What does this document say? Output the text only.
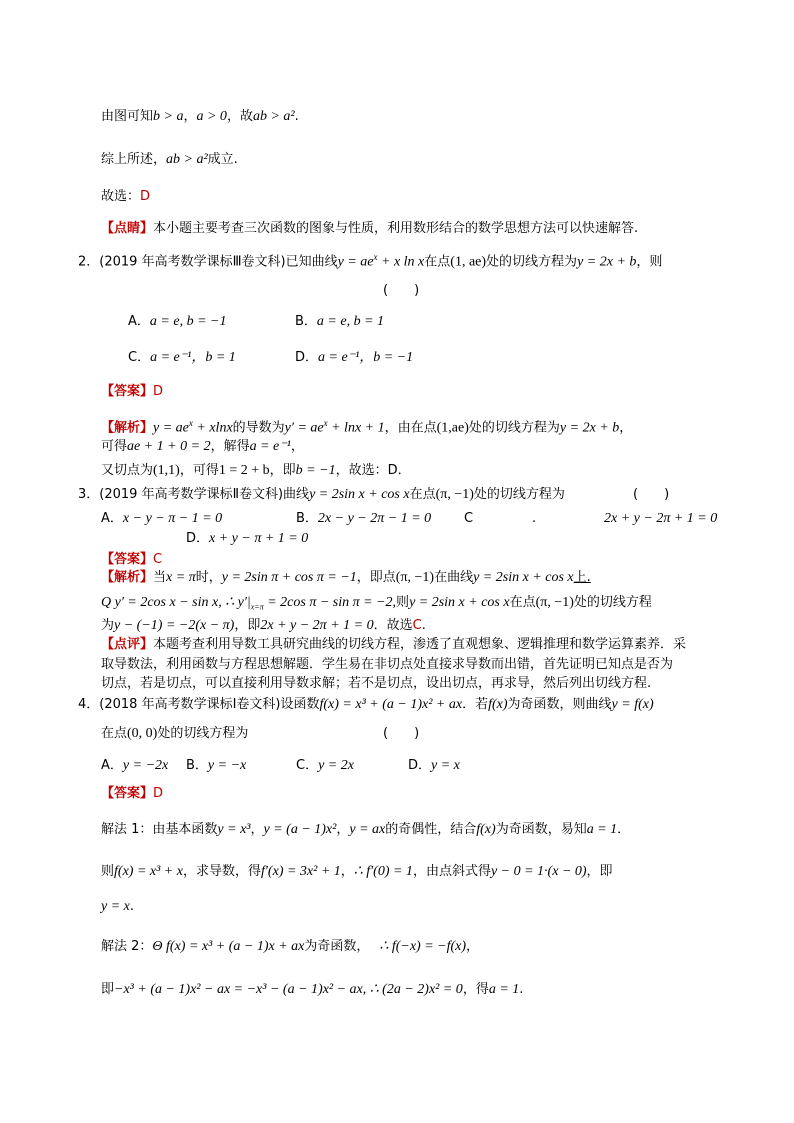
由图可知b > a，a > 0，故ab > a².
综上所述，ab > a²成立.
故选：D
【点睛】本小题主要考查三次函数的图象与性质，利用数形结合的数学思想方法可以快速解答.
2．(2019 年高考数学课标Ⅲ卷文科)已知曲线$y = ae^x + x$ ln x在点(1, ae)处的切线方程为y = 2x + b，则
(　　)
A．a = e, b = −1	B．a = e, b = 1
C．a = e⁻¹，b = 1	D．a = e⁻¹，b = −1
【答案】D
【解析】$y = ae^x + xlnx$的导数为$y' = ae^x + \ln x + 1$，由在点(1,ae)处的切线方程为y = 2x + b，
可得ae + 1 + 0 = 2，解得a = e⁻¹，
又切点为(1,1)，可得1 = 2 + b，即b = −1，故选：D．
3．(2019 年高考数学课标Ⅱ卷文科)曲线y = 2sin x + cos x在点(π, −1)处的切线方程为	(　　)
A．x − y − π − 1 = 0	B．2x − y − 2π − 1 = 0	C	.	2x + y − 2π + 1 = 0
D．x + y − π + 1 = 0
【答案】C
【解析】当x = π时，y = 2sin π + cos π = −1，即点(π, −1)在曲线y = 2sin x + cos x上.
Q y′ = 2cos x − sin x, ∴ $y'|_{x=\pi} = 2\cos$ π − sin π = −2,则y = 2sin x + cos x在点(π, −1)处的切线方程
为y − (−1) = −2(x − π)，即2x + y − 2π + 1 = 0．故选C.
【点评】本题考查利用导数工具研究曲线的切线方程，渗透了直观想象、逻辑推理和数学运算素养．采
取导数法，利用函数与方程思想解题．学生易在非切点处直接求导数而出错，首先证明已知点是否为
切点，若是切点，可以直接利用导数求解；若不是切点，设出切点，再求导，然后列出切线方程.
4．(2018 年高考数学课标Ⅰ卷文科)设函数f(x) = x³ + (a − 1)x² + ax．若f(x)为奇函数，则曲线y = f(x)
在点(0, 0)处的切线方程为	(　　)
A．y = −2x B．y = −x	C．y = 2x	D．y = x
【答案】D
解法 1：由基本函数y = x³，y = (a − 1)x²，y = ax的奇偶性，结合f(x)为奇函数，易知a = 1．
则f(x) = x³ + x，求导数，得f′(x) = 3x² + 1，∴ f′(0) = 1，由点斜式得y − 0 = 1·(x − 0)，即
y = x.
解法 2：Θ f(x) = x³ + (a − 1)x + ax为奇函数， ∴ f(−x) = −f(x)，
即−x³ + (a − 1)x² − ax = −x³ − (a − 1)x² − ax, ∴ (2a − 2)x² = 0，得a = 1.
